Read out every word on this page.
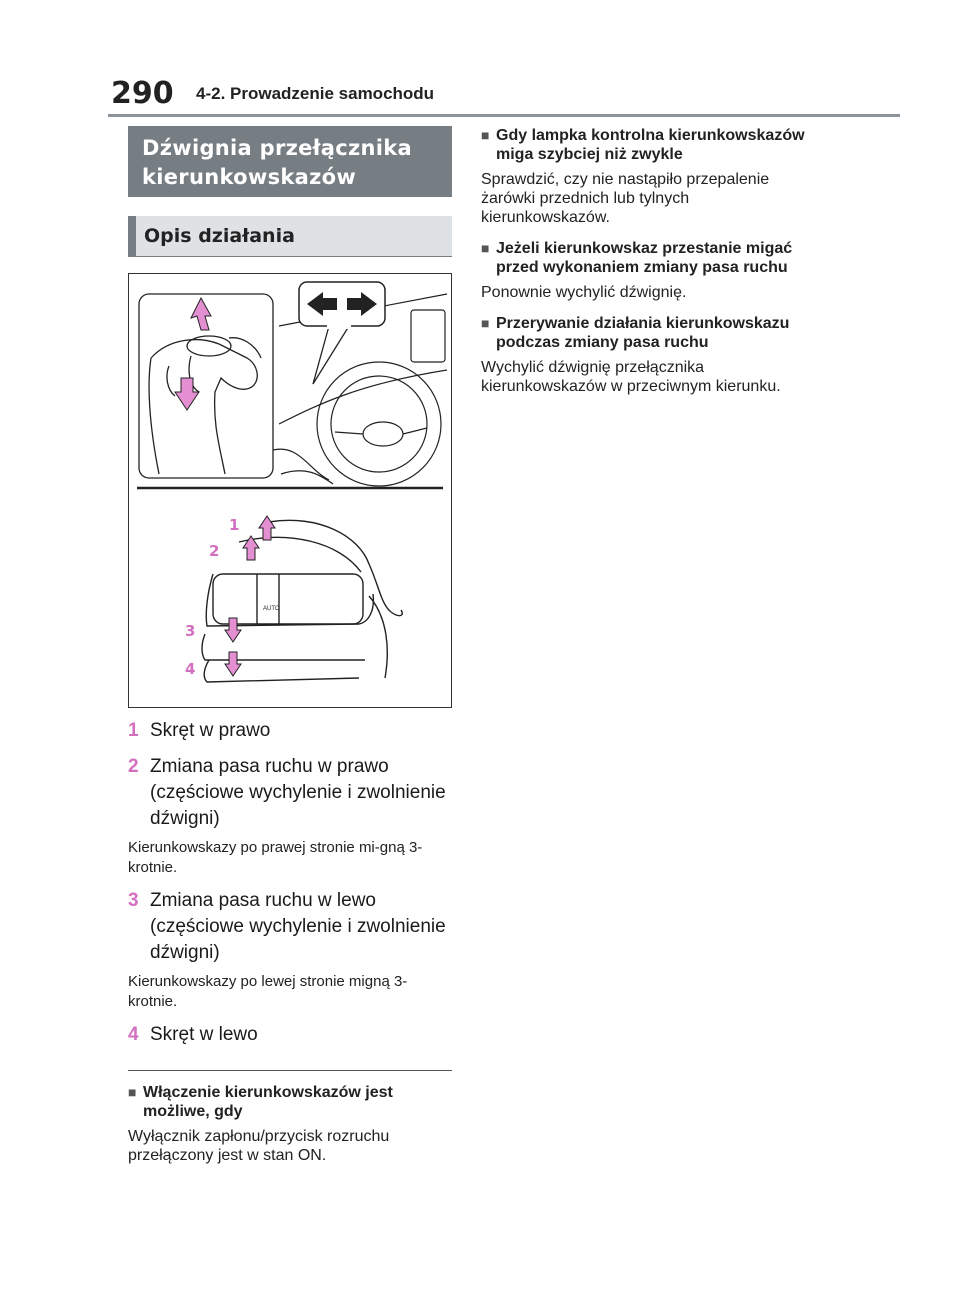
290 4-2. Prowadzenie samochodu
Dźwignia przełącznika kierunkowskazów
Opis działania
AUTO
1
2
3
4
1 Skręt w prawo
2 Zmiana pasa ruchu w prawo (częściowe wychylenie i zwolnienie dźwigni)
Kierunkowskazy po prawej stronie mi-gną 3-krotnie.
3 Zmiana pasa ruchu w lewo (częściowe wychylenie i zwolnienie dźwigni)
Kierunkowskazy po lewej stronie migną 3-krotnie.
4 Skręt w lewo
■ Włączenie kierunkowskazów jest możliwe, gdy
Wyłącznik zapłonu/przycisk rozruchu przełączony jest w stan ON.
■ Gdy lampka kontrolna kierunkowskazów miga szybciej niż zwykle
Sprawdzić, czy nie nastąpiło przepalenie żarówki przednich lub tylnych kierunkowskazów.
■ Jeżeli kierunkowskaz przestanie migać przed wykonaniem zmiany pasa ruchu
Ponownie wychylić dźwignię.
■ Przerywanie działania kierunkowskazu podczas zmiany pasa ruchu
Wychylić dźwignię przełącznika kierunkowskazów w przeciwnym kierunku.
